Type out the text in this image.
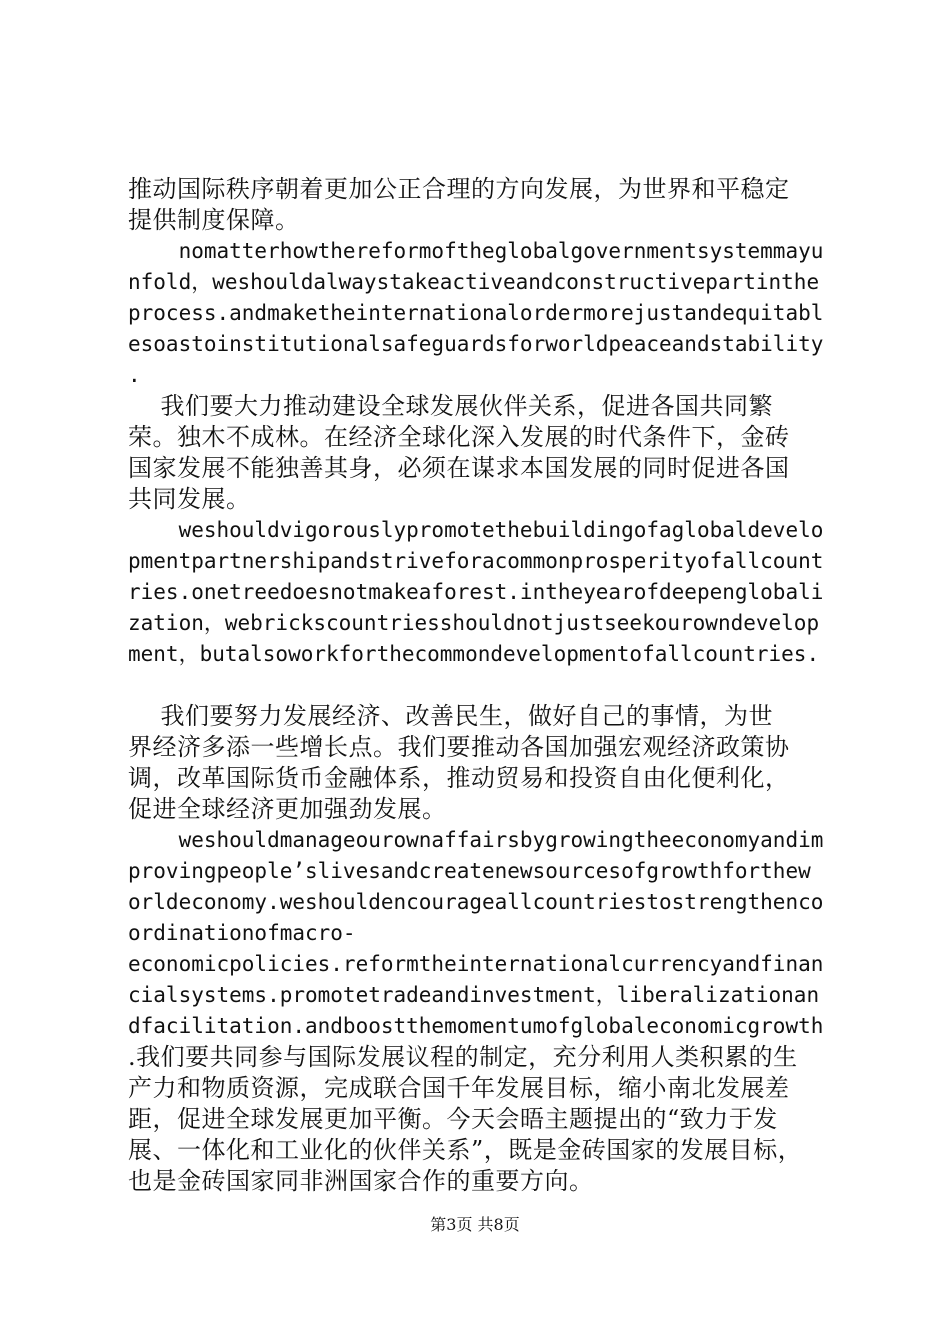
推动国际秩序朝着更加公正合理的方向发展，为世界和平稳定
提供制度保障。
nomatterhowthereformoftheglobalgovernmentsystemmayu
nfold，weshouldalwaystakeactiveandconstructivepartinthe
process.andmaketheinternationalordermorejustandequitabl
esoastoinstitutionalsafeguardsforworldpeaceandstability
.
我们要大力推动建设全球发展伙伴关系，促进各国共同繁
荣。独木不成林。在经济全球化深入发展的时代条件下，金砖
国家发展不能独善其身，必须在谋求本国发展的同时促进各国
共同发展。
weshouldvigorouslypromotethebuildingofaglobaldevelo
pmentpartnershipandstriveforacommonprosperityofallcount
ries.onetreedoesnotmakeaforest.intheyearofdeepenglobali
zation，webrickscountriesshouldnotjustseekourowndevelop
ment，butalsoworkforthecommondevelopmentofallcountries.
我们要努力发展经济、改善民生，做好自己的事情，为世
界经济多添一些增长点。我们要推动各国加强宏观经济政策协
调，改革国际货币金融体系，推动贸易和投资自由化便利化，
促进全球经济更加强劲发展。
weshouldmanageourownaffairsbygrowingtheeconomyandim
provingpeople’slivesandcreatenewsourcesofgrowthforthew
orldeconomy.weshouldencourageallcountriestostrengthenco
ordinationofmacro-
economicpolicies.reformtheinternationalcurrencyandfinan
cialsystems.promotetradeandinvestment，liberalizationan
dfacilitation.andboostthemomentumofglobaleconomicgrowth
.我们要共同参与国际发展议程的制定，充分利用人类积累的生
产力和物质资源，完成联合国千年发展目标，缩小南北发展差
距，促进全球发展更加平衡。今天会晤主题提出的“致力于发
展、一体化和工业化的伙伴关系”，既是金砖国家的发展目标，
也是金砖国家同非洲国家合作的重要方向。
第3页 共8页
